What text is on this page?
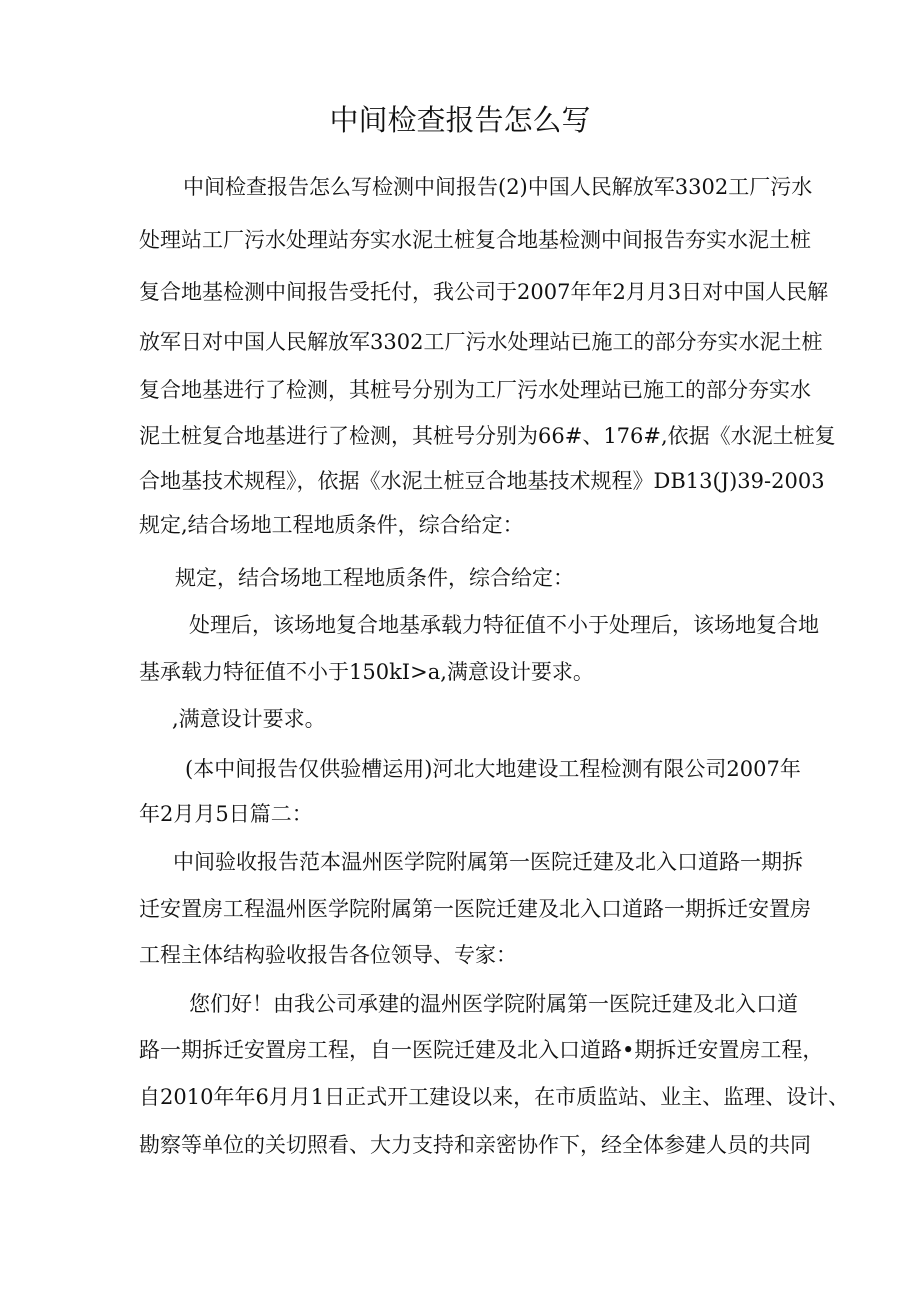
中间检查报告怎么写

中间检查报告怎么写检测中间报告(2)中国人民解放军3302工厂污水

处理站工厂污水处理站夯实水泥土桩复合地基检测中间报告夯实水泥土桩

复合地基检测中间报告受托付，我公司于2007年年2月月3日对中国人民解

放军日对中国人民解放军3302工厂污水处理站已施工的部分夯实水泥土桩

复合地基进行了检测，其桩号分别为工厂污水处理站已施工的部分夯实水

泥土桩复合地基进行了检测，其桩号分别为66#、176#,依据《水泥土桩复

合地基技术规程》，依据《水泥土桩豆合地基技术规程》DB13(J)39-2003

规定,结合场地工程地质条件，综合给定：

规定，结合场地工程地质条件，综合给定：

处理后，该场地复合地基承载力特征值不小于处理后，该场地复合地

基承载力特征值不小于150kI>a,满意设计要求。

,满意设计要求。

(本中间报告仅供验槽运用)河北大地建设工程检测有限公司2007年

年2月月5日篇二：

中间验收报告范本温州医学院附属第一医院迁建及北入口道路一期拆

迁安置房工程温州医学院附属第一医院迁建及北入口道路一期拆迁安置房

工程主体结构验收报告各位领导、专家：

您们好！由我公司承建的温州医学院附属第一医院迁建及北入口道

路一期拆迁安置房工程，自一医院迁建及北入口道路•期拆迁安置房工程，

自2010年年6月月1日正式开工建设以来，在市质监站、业主、监理、设计、

勘察等单位的关切照看、大力支持和亲密协作下，经全体参建人员的共同
